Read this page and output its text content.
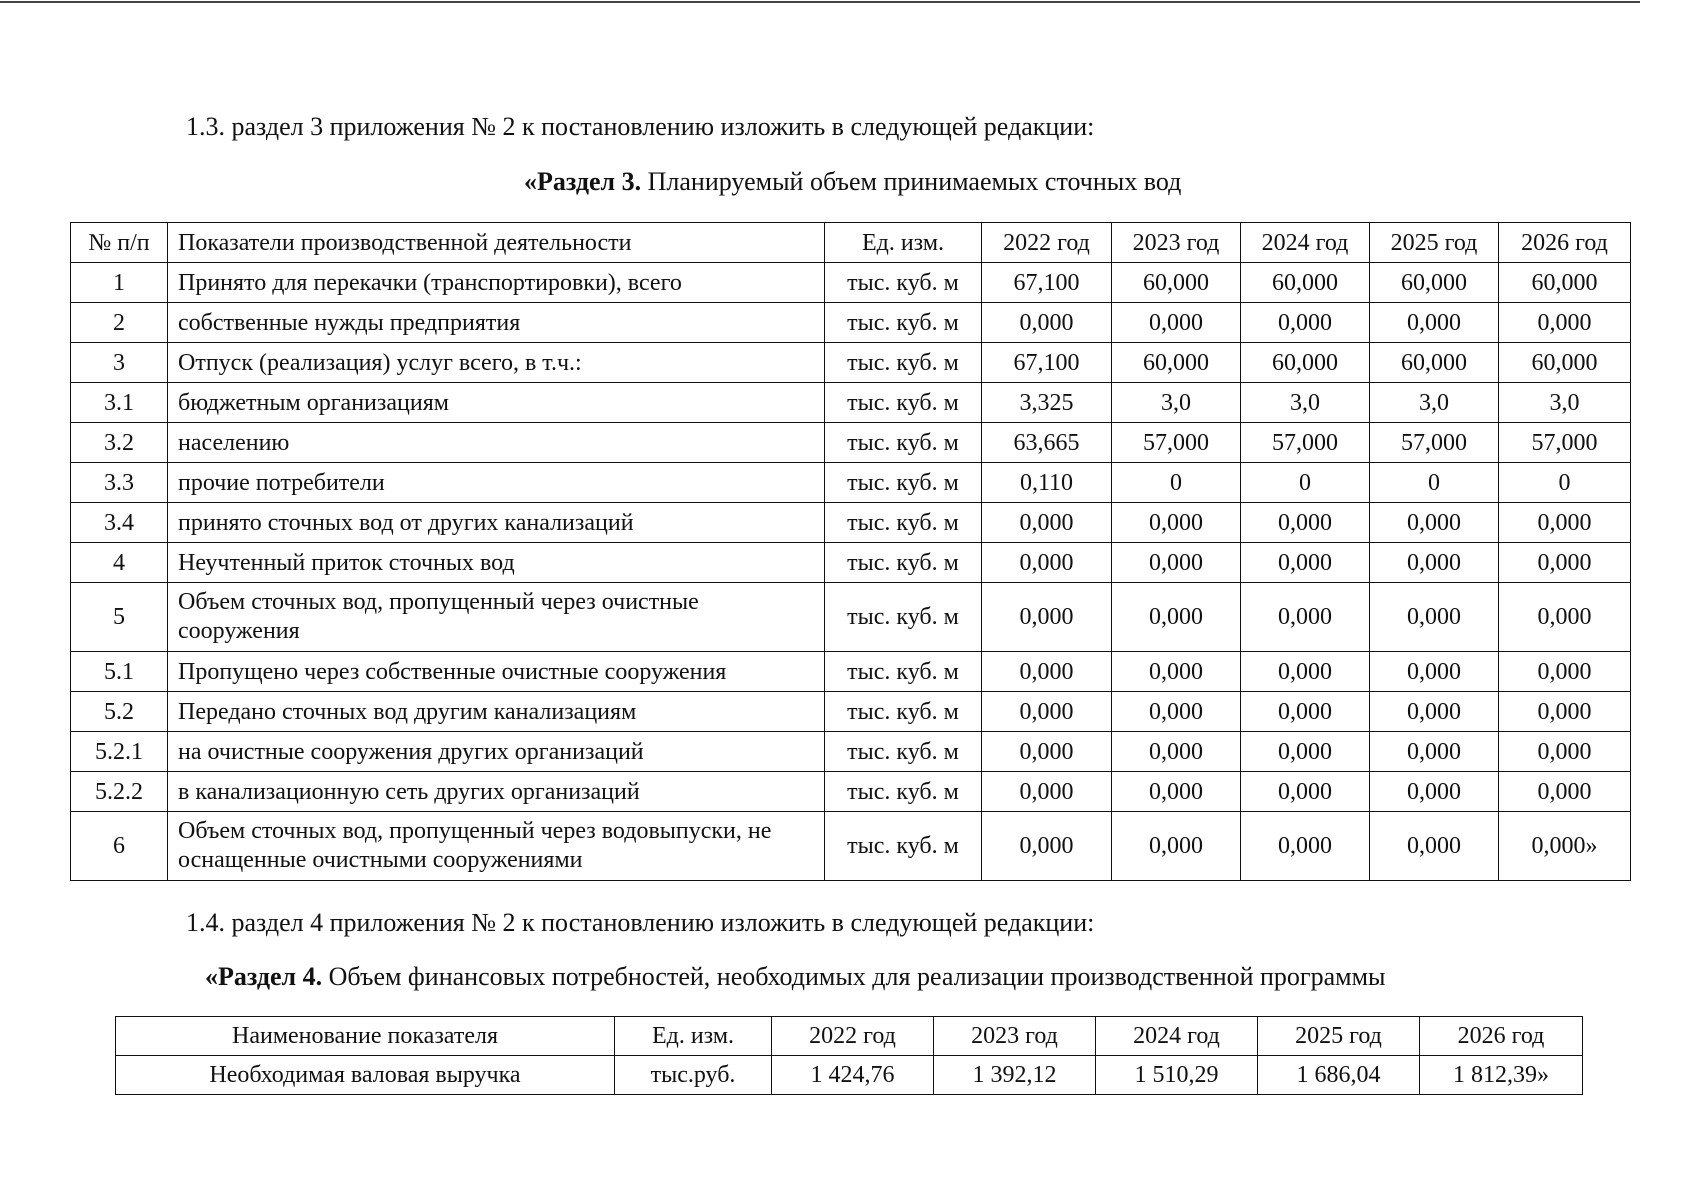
1.3. раздел 3 приложения № 2 к постановлению изложить в следующей редакции:
«Раздел 3. Планируемый объем принимаемых сточных вод
№ п/п	Показатели производственной деятельности	Ед. изм.	2022 год	2023 год	2024 год	2025 год	2026 год
1	Принято для перекачки (транспортировки), всего	тыс. куб. м	67,100	60,000	60,000	60,000	60,000
2	собственные нужды предприятия	тыс. куб. м	0,000	0,000	0,000	0,000	0,000
3	Отпуск (реализация) услуг всего, в т.ч.:	тыс. куб. м	67,100	60,000	60,000	60,000	60,000
3.1	бюджетным организациям	тыс. куб. м	3,325	3,0	3,0	3,0	3,0
3.2	населению	тыс. куб. м	63,665	57,000	57,000	57,000	57,000
3.3	прочие потребители	тыс. куб. м	0,110	0	0	0	0
3.4	принято сточных вод от других канализаций	тыс. куб. м	0,000	0,000	0,000	0,000	0,000
4	Неучтенный приток сточных вод	тыс. куб. м	0,000	0,000	0,000	0,000	0,000
5	Объем сточных вод, пропущенный через очистные сооружения	тыс. куб. м	0,000	0,000	0,000	0,000	0,000
5.1	Пропущено через собственные очистные сооружения	тыс. куб. м	0,000	0,000	0,000	0,000	0,000
5.2	Передано сточных вод другим канализациям	тыс. куб. м	0,000	0,000	0,000	0,000	0,000
5.2.1	на очистные сооружения других организаций	тыс. куб. м	0,000	0,000	0,000	0,000	0,000
5.2.2	в канализационную сеть других организаций	тыс. куб. м	0,000	0,000	0,000	0,000	0,000
6	Объем сточных вод, пропущенный через водовыпуски, не оснащенные очистными сооружениями	тыс. куб. м	0,000	0,000	0,000	0,000	0,000»
1.4. раздел 4 приложения № 2 к постановлению изложить в следующей редакции:
«Раздел 4. Объем финансовых потребностей, необходимых для реализации производственной программы
Наименование показателя	Ед. изм.	2022 год	2023 год	2024 год	2025 год	2026 год
Необходимая валовая выручка	тыс.руб.	1 424,76	1 392,12	1 510,29	1 686,04	1 812,39»
